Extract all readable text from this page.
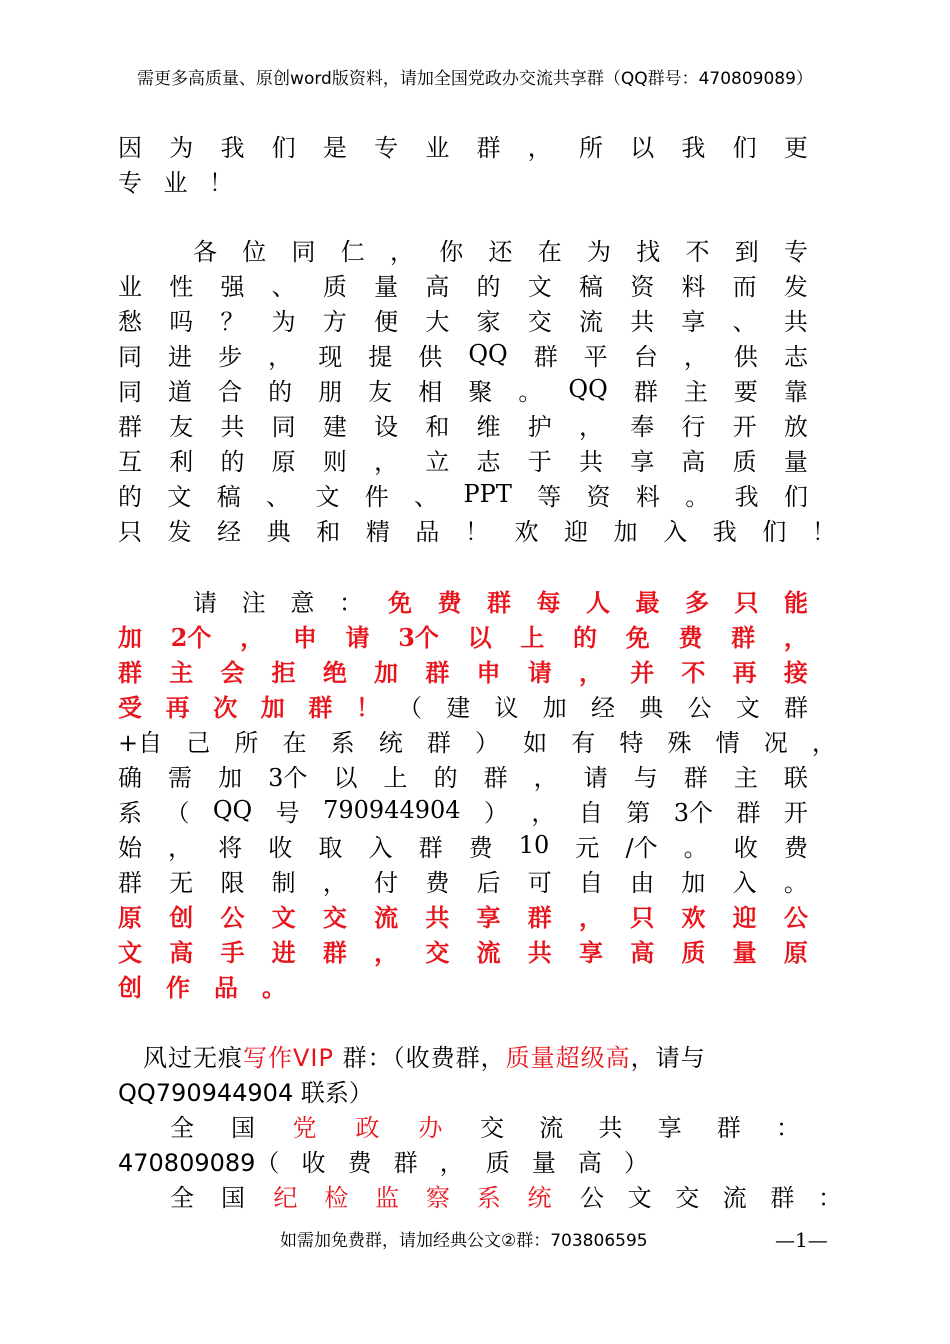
需更多高质量、原创word版资料，请加全国党政办交流共享群（QQ群号：470809089）
因 为 我 们 是 专 业 群 ， 所 以 我 们 更
专 业 ！
各 位 同 仁 ， 你 还 在 为 找 不 到 专
业 性 强 、 质 量 高 的 文 稿 资 料 而 发
愁 吗 ？ 为 方 便 大 家 交 流 共 享 、 共
同 进 步 ， 现 提 供 QQ 群 平 台 ， 供 志
同 道 合 的 朋 友 相 聚 。 QQ 群 主 要 靠
群 友 共 同 建 设 和 维 护 ， 奉 行 开 放
互 利 的 原 则 ， 立 志 于 共 享 高 质 量
的 文 稿 、 文 件 、 PPT 等 资 料 。 我 们
只 发 经 典 和 精 品 ！ 欢 迎 加 入 我 们 ！
请 注 意 ： 免 费 群 每 人 最 多 只 能
加 2个 ， 申 请 3个 以 上 的 免 费 群 ，
群 主 会 拒 绝 加 群 申 请 ， 并 不 再 接
受 再 次 加 群 ！ （ 建 议 加 经 典 公 文 群
+自 己 所 在 系 统 群 ） 如 有 特 殊 情 况 ，
确 需 加 3个 以 上 的 群 ， 请 与 群 主 联
系 （ QQ 号 790944904 ） ， 自 第 3个 群 开
始 ， 将 收 取 入 群 费 10 元 /个 。 收 费
群 无 限 制 ， 付 费 后 可 自 由 加 入 。
原 创 公 文 交 流 共 享 群 ， 只 欢 迎 公
文 高 手 进 群 ， 交 流 共 享 高 质 量 原
创 作 品 。
风过无痕写作VIP 群：（收费群，质量超级高，请与
QQ790944904 联系）
全 国 党 政 办 交 流 共 享 群 ：
470809089（ 收 费 群 ， 质 量 高 ）
全 国 纪 检 监 察 系 统 公 文 交 流 群 ：
如需加免费群，请加经典公文②群：703806595	—1—
